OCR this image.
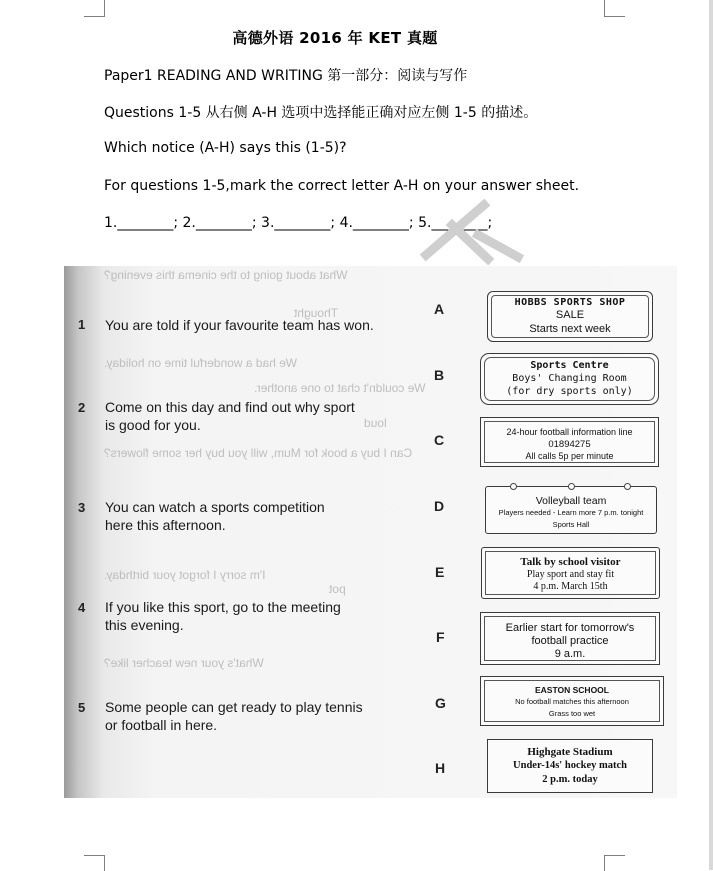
高德外语 2016 年 KET 真题
Paper1 READING AND WRITING 第一部分：阅读与写作
Questions 1-5 从右侧 A-H 选项中选择能正确对应左侧 1-5 的描述。
Which notice (A-H) says this (1-5)?
For questions 1-5,mark the correct letter A-H on your answer sheet.
1.________; 2.________; 3.________; 4.________; 5.________;
What about going to the cinema this evening?
Thought
We had a wonderful time on holiday.
We couldn't chat to one another.
loud
Can I buy a book for Mum, will you buy her some flowers?
I'm sorry I forgot your birthday.
pot
What's your new teacher like?
1 You are told if your favourite team has won.
2 Come on this day and find out why sport is good for you.
3 You can watch a sports competition here this afternoon.
4 If you like this sport, go to the meeting this evening.
5 Some people can get ready to play tennis or football in here.
A
B
C
D
E
F
G
H
HOBBS SPORTS SHOP
SALE
Starts next week
Sports Centre
Boys' Changing Room
(for dry sports only)
24-hour football information line
01894275
All calls 5p per minute
Volleyball team
Players needed - Learn more 7 p.m. tonight
Sports Hall
Talk by school visitor
Play sport and stay fit
4 p.m. March 15th
Earlier start for tomorrow's
football practice
9 a.m.
EASTON SCHOOL
No football matches this afternoon
Grass too wet
Highgate Stadium
Under-14s' hockey match
2 p.m. today
